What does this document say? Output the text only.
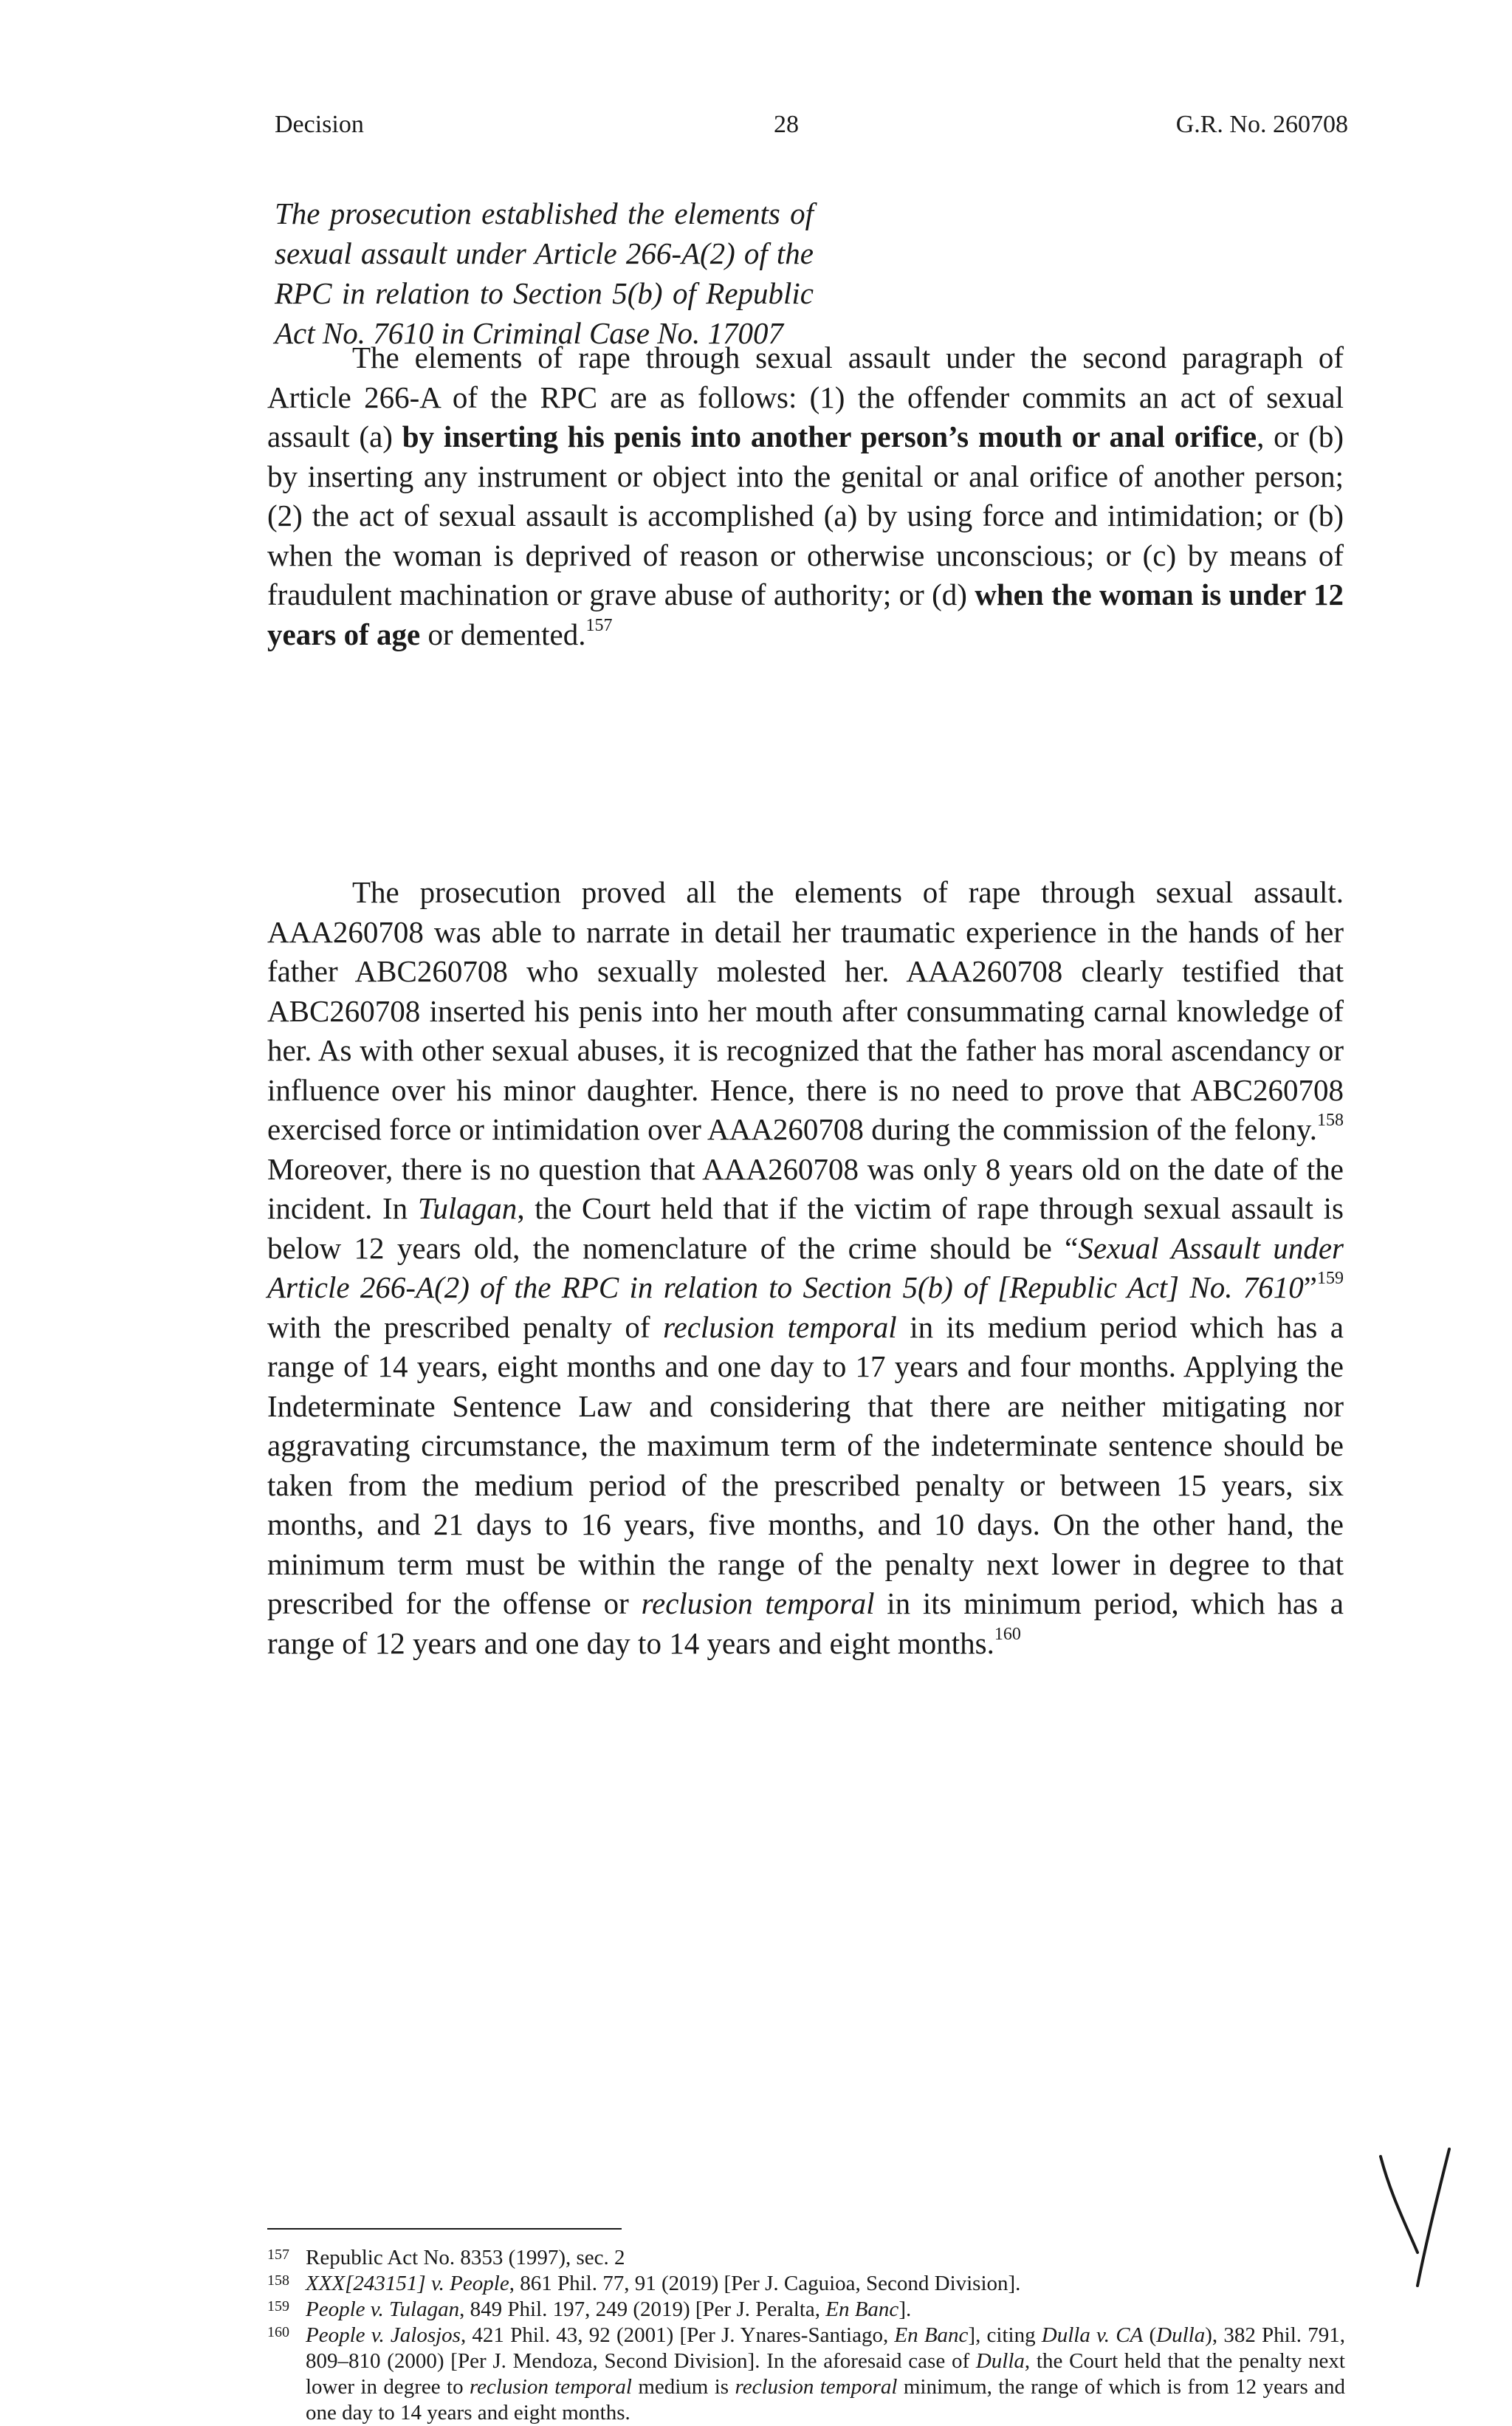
Decision	28	G.R. No. 260708
The prosecution established the elements of sexual assault under Article 266-A(2) of the RPC in relation to Section 5(b) of Republic Act No. 7610 in Criminal Case No. 17007
The elements of rape through sexual assault under the second paragraph of Article 266-A of the RPC are as follows: (1) the offender commits an act of sexual assault (a) by inserting his penis into another person’s mouth or anal orifice, or (b) by inserting any instrument or object into the genital or anal orifice of another person; (2) the act of sexual assault is accomplished (a) by using force and intimidation; or (b) when the woman is deprived of reason or otherwise unconscious; or (c) by means of fraudulent machination or grave abuse of authority; or (d) when the woman is under 12 years of age or demented.$^{157}$
The prosecution proved all the elements of rape through sexual assault. AAA260708 was able to narrate in detail her traumatic experience in the hands of her father ABC260708 who sexually molested her. AAA260708 clearly testified that ABC260708 inserted his penis into her mouth after consummating carnal knowledge of her. As with other sexual abuses, it is recognized that the father has moral ascendancy or influence over his minor daughter. Hence, there is no need to prove that ABC260708 exercised force or intimidation over AAA260708 during the commission of the felony.$^{158}$ Moreover, there is no question that AAA260708 was only 8 years old on the date of the incident. In Tulagan, the Court held that if the victim of rape through sexual assault is below 12 years old, the nomenclature of the crime should be “Sexual Assault under Article 266-A(2) of the RPC in relation to Section 5(b) of [Republic Act] No. 7610”$^{159}$ with the prescribed penalty of reclusion temporal in its medium period which has a range of 14 years, eight months and one day to 17 years and four months. Applying the Indeterminate Sentence Law and considering that there are neither mitigating nor aggravating circumstance, the maximum term of the indeterminate sentence should be taken from the medium period of the prescribed penalty or between 15 years, six months, and 21 days to 16 years, five months, and 10 days. On the other hand, the minimum term must be within the range of the penalty next lower in degree to that prescribed for the offense or reclusion temporal in its minimum period, which has a range of 12 years and one day to 14 years and eight months.$^{160}$
157 Republic Act No. 8353 (1997), sec. 2
158 XXX[243151] v. People, 861 Phil. 77, 91 (2019) [Per J. Caguioa, Second Division].
159 People v. Tulagan, 849 Phil. 197, 249 (2019) [Per J. Peralta, En Banc].
160 People v. Jalosjos, 421 Phil. 43, 92 (2001) [Per J. Ynares-Santiago, En Banc], citing Dulla v. CA (Dulla), 382 Phil. 791, 809–810 (2000) [Per J. Mendoza, Second Division]. In the aforesaid case of Dulla, the Court held that the penalty next lower in degree to reclusion temporal medium is reclusion temporal minimum, the range of which is from 12 years and one day to 14 years and eight months.
